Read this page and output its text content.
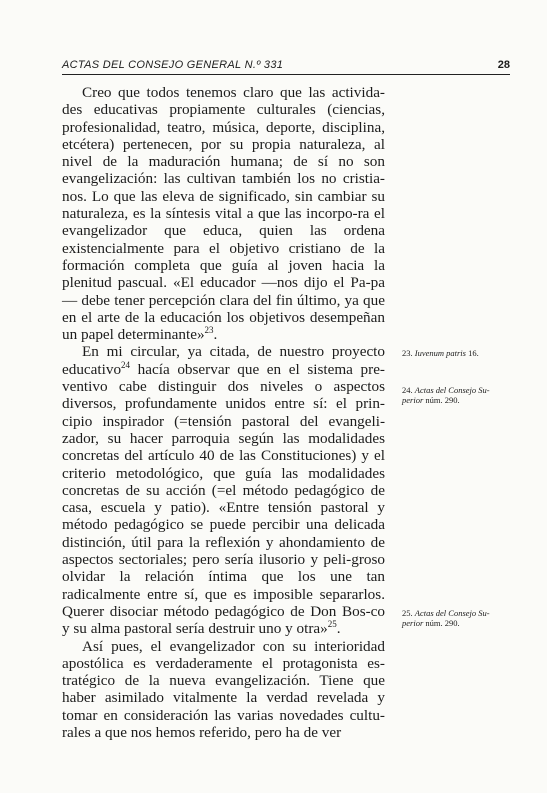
ACTAS DEL CONSEJO GENERAL N.º 331	28

Creo que todos tenemos claro que las activida-des educativas propiamente culturales (ciencias, profesionalidad, teatro, música, deporte, disciplina, etcétera) pertenecen, por su propia naturaleza, al nivel de la maduración humana; de sí no son evangelización: las cultivan también los no cristia-nos. Lo que las eleva de significado, sin cambiar su naturaleza, es la síntesis vital a que las incorpo-ra el evangelizador que educa, quien las ordena existencialmente para el objetivo cristiano de la formación completa que guía al joven hacia la plenitud pascual. «El educador —nos dijo el Pa-pa— debe tener percepción clara del fin último, ya que en el arte de la educación los objetivos desempeñan un papel determinante»$^{23}$.

En mi circular, ya citada, de nuestro proyecto educativo$^{24}$ hacía observar que en el sistema pre-ventivo cabe distinguir dos niveles o aspectos diversos, profundamente unidos entre sí: el prin-cipio inspirador (=tensión pastoral del evangeli-zador, su hacer parroquia según las modalidades concretas del artículo 40 de las Constituciones) y el criterio metodológico, que guía las modalidades concretas de su acción (=el método pedagógico de casa, escuela y patio). «Entre tensión pastoral y método pedagógico se puede percibir una delicada distinción, útil para la reflexión y ahondamiento de aspectos sectoriales; pero sería ilusorio y peli-groso olvidar la relación íntima que los une tan radicalmente entre sí, que es imposible separarlos. Querer disociar método pedagógico de Don Bos-co y su alma pastoral sería destruir uno y otra»$^{25}$.

Así pues, el evangelizador con su interioridad apostólica es verdaderamente el protagonista es-tratégico de la nueva evangelización. Tiene que haber asimilado vitalmente la verdad revelada y tomar en consideración las varias novedades cultu-rales a que nos hemos referido, pero ha de ver

23. Iuvenum patris 16.
24. Actas del Consejo Su-perior núm. 290.
25. Actas del Consejo Su-perior núm. 290.
